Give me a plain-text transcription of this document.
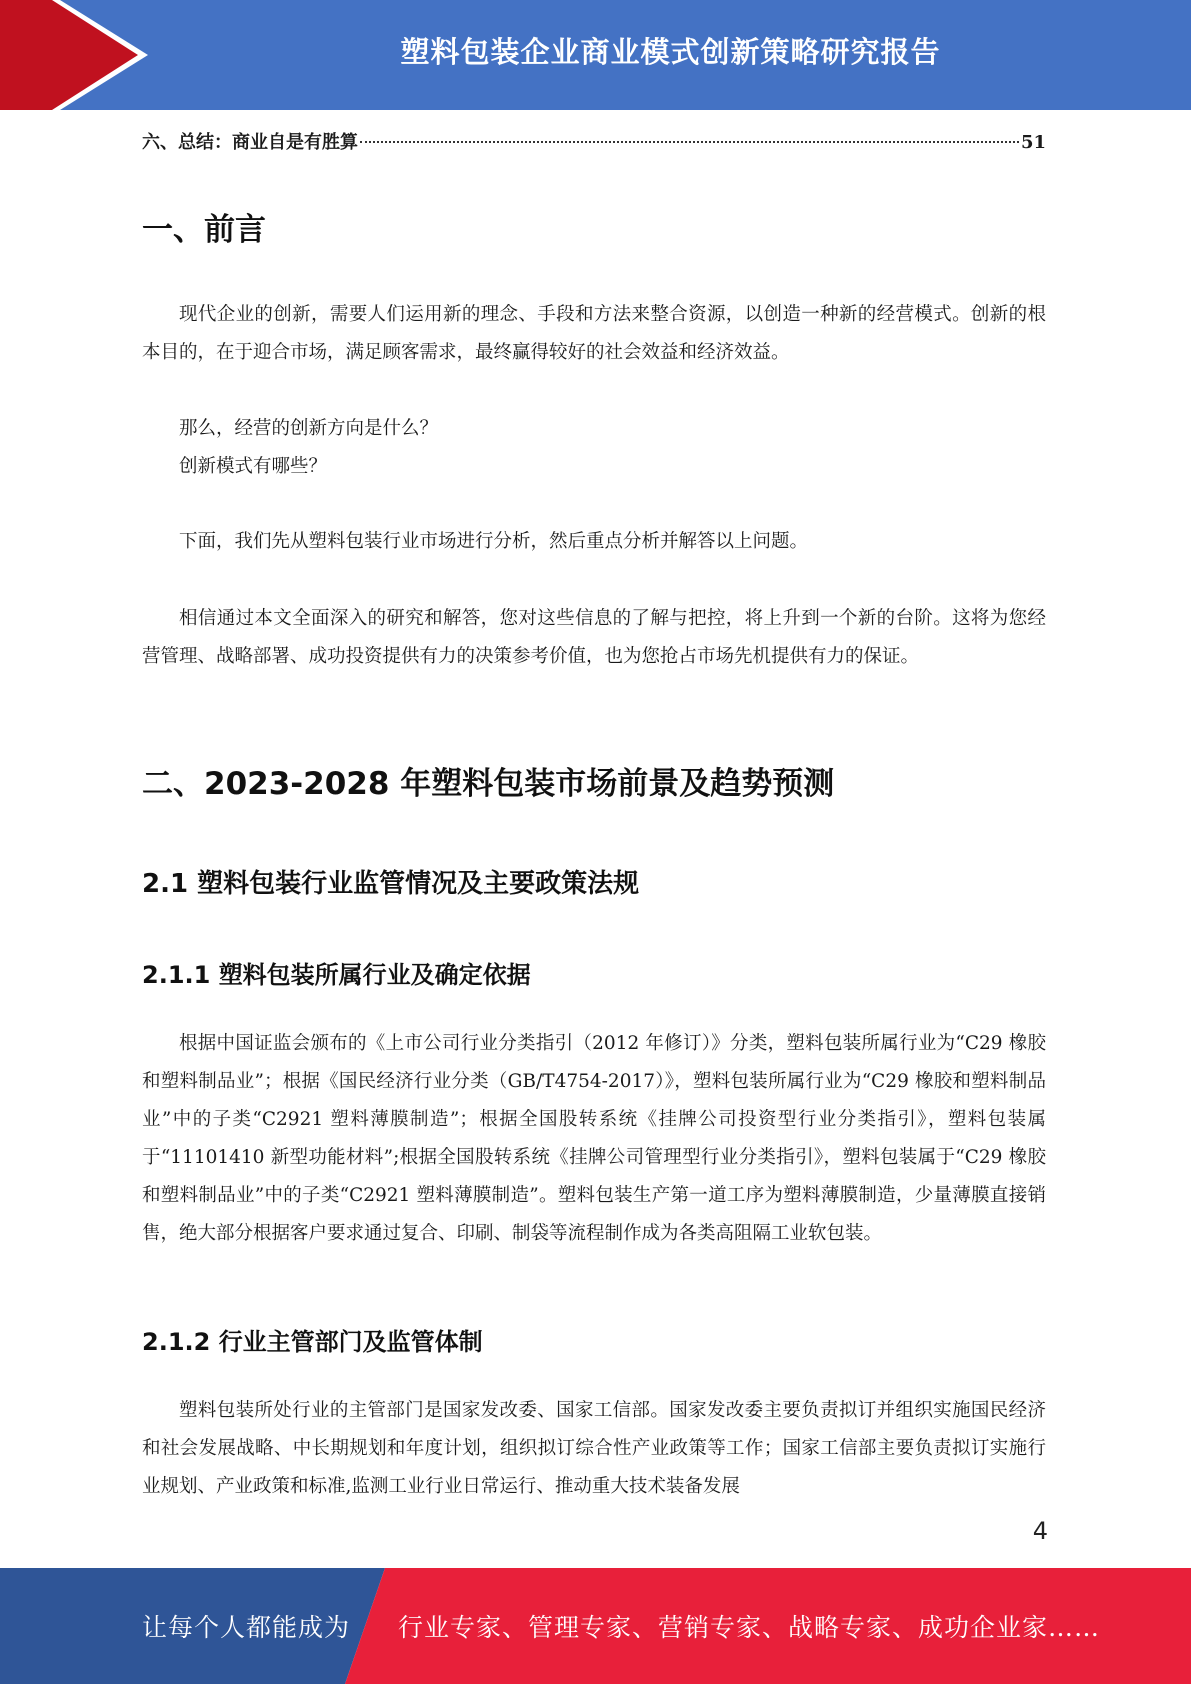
塑料包装企业商业模式创新策略研究报告
六、总结：商业自是有胜算	51
一、前言

现代企业的创新，需要人们运用新的理念、手段和方法来整合资源，以创造一种新的经营模式。创新的根本目的，在于迎合市场，满足顾客需求，最终赢得较好的社会效益和经济效益。

那么，经营的创新方向是什么？

创新模式有哪些？

下面，我们先从塑料包装行业市场进行分析，然后重点分析并解答以上问题。

相信通过本文全面深入的研究和解答，您对这些信息的了解与把控，将上升到一个新的台阶。这将为您经营管理、战略部署、成功投资提供有力的决策参考价值，也为您抢占市场先机提供有力的保证。

二、2023-2028 年塑料包装市场前景及趋势预测
2.1 塑料包装行业监管情况及主要政策法规
2.1.1 塑料包装所属行业及确定依据

根据中国证监会颁布的《上市公司行业分类指引（2012 年修订）》分类，塑料包装所属行业为“C29 橡胶和塑料制品业”；根据《国民经济行业分类（GB/T4754-2017）》，塑料包装所属行业为“C29 橡胶和塑料制品业”中的子类“C2921 塑料薄膜制造”；根据全国股转系统《挂牌公司投资型行业分类指引》，塑料包装属于“11101410 新型功能材料”;根据全国股转系统《挂牌公司管理型行业分类指引》，塑料包装属于“C29 橡胶和塑料制品业”中的子类“C2921 塑料薄膜制造”。塑料包装生产第一道工序为塑料薄膜制造，少量薄膜直接销售，绝大部分根据客户要求通过复合、印刷、制袋等流程制作成为各类高阻隔工业软包装。

2.1.2 行业主管部门及监管体制

塑料包装所处行业的主管部门是国家发改委、国家工信部。国家发改委主要负责拟订并组织实施国民经济和社会发展战略、中长期规划和年度计划，组织拟订综合性产业政策等工作；国家工信部主要负责拟订实施行业规划、产业政策和标准,监测工业行业日常运行、推动重大技术装备发展

4
让每个人都能成为 行业专家、管理专家、营销专家、战略专家、成功企业家……
